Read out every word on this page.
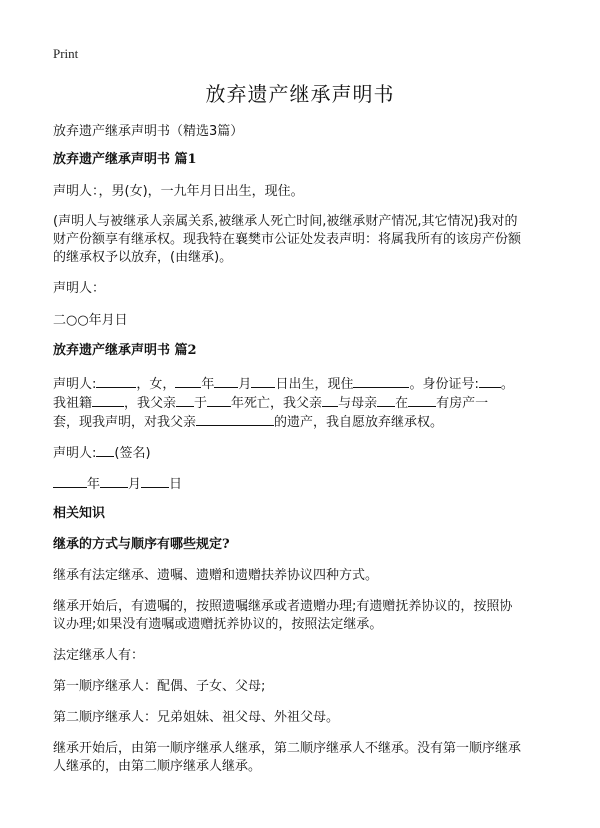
Print
放弃遗产继承声明书
放弃遗产继承声明书（精选3篇）
放弃遗产继承声明书 篇1
声明人：，男(女)，一九年月日出生，现住。
(声明人与被继承人亲属关系,被继承人死亡时间,被继承财产情况,其它情况)我对的
财产份额享有继承权。现我特在襄樊市公证处发表声明：将属我所有的该房产份额
的继承权予以放弃，(由继承)。
声明人：
二○○年月日
放弃遗产继承声明书 篇2
声明人:	，女， 年 月 日出生，现住	。身份证号: 。
我祖籍 ，我父亲 于 年死亡，我父亲 与母亲 在 有房产一
套，现我声明，对我父亲	的遗产，我自愿放弃继承权。
声明人: (签名)
年 月 日
相关知识
继承的方式与顺序有哪些规定?
继承有法定继承、遗嘱、遗赠和遗赠扶养协议四种方式。
继承开始后，有遗嘱的，按照遗嘱继承或者遗赠办理;有遗赠抚养协议的，按照协
议办理;如果没有遗嘱或遗赠抚养协议的，按照法定继承。
法定继承人有：
第一顺序继承人：配偶、子女、父母;
第二顺序继承人：兄弟姐妹、祖父母、外祖父母。
继承开始后，由第一顺序继承人继承，第二顺序继承人不继承。没有第一顺序继承
人继承的，由第二顺序继承人继承。
